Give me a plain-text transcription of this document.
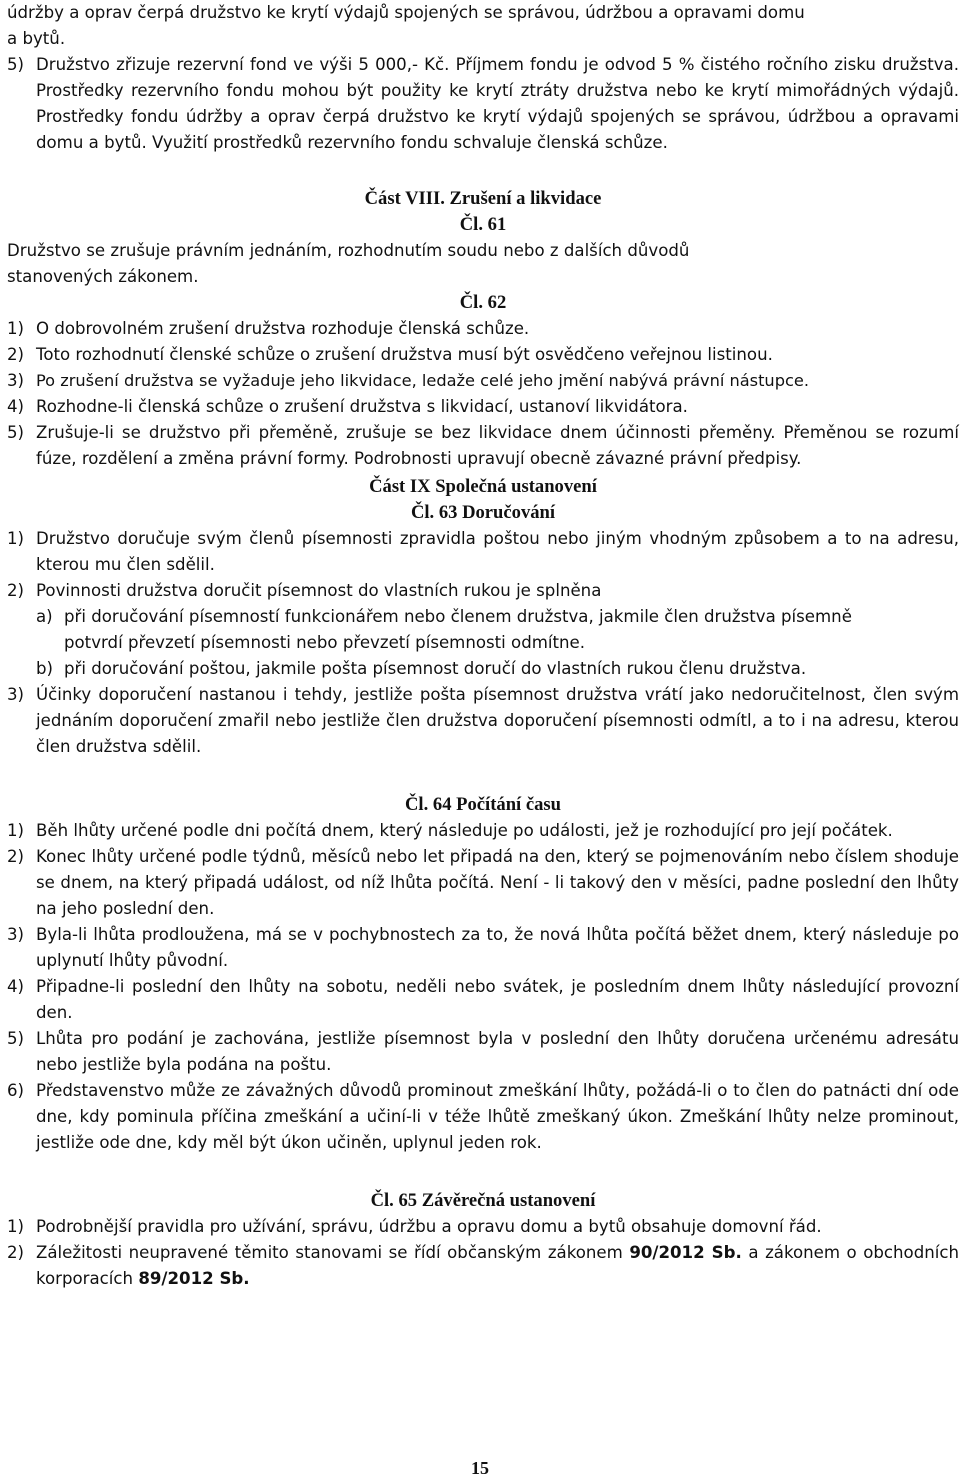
údržby a oprav čerpá družstvo ke krytí výdajů spojených se správou, údržbou a opravami domu
a bytů.
5) Družstvo zřizuje rezervní fond ve výši 5 000,- Kč. Příjmem fondu je odvod 5 % čistého ročního zisku družstva. Prostředky rezervního fondu mohou být použity ke krytí ztráty družstva nebo ke krytí mimořádných výdajů. Prostředky fondu údržby a oprav čerpá družstvo ke krytí výdajů spojených se správou, údržbou a opravami domu a bytů. Využití prostředků rezervního fondu schvaluje členská schůze.
Část VIII. Zrušení a likvidace
Čl. 61
Družstvo se zrušuje právním jednáním, rozhodnutím soudu nebo z dalších důvodů stanovených zákonem.
Čl. 62
1) O dobrovolném zrušení družstva rozhoduje členská schůze.
2) Toto rozhodnutí členské schůze o zrušení družstva musí být osvědčeno veřejnou listinou.
3) Po zrušení družstva se vyžaduje jeho likvidace, ledaže celé jeho jmění nabývá právní nástupce.
4) Rozhodne-li členská schůze o zrušení družstva s likvidací, ustanoví likvidátora.
5) Zrušuje-li se družstvo při přeměně, zrušuje se bez likvidace dnem účinnosti přeměny. Přeměnou se rozumí fúze, rozdělení a změna právní formy. Podrobnosti upravují obecně závazné právní předpisy.
Část IX Společná ustanovení
Čl. 63 Doručování
1) Družstvo doručuje svým členů písemnosti zpravidla poštou nebo jiným vhodným způsobem a to na adresu, kterou mu člen sdělil.
2) Povinnosti družstva doručit písemnost do vlastních rukou je splněna
a) při doručování písemností funkcionářem nebo členem družstva, jakmile člen družstva písemně potvrdí převzetí písemnosti nebo převzetí písemnosti odmítne.
b) při doručování poštou, jakmile pošta písemnost doručí do vlastních rukou členu družstva.
3) Účinky doporučení nastanou i tehdy, jestliže pošta písemnost družstva vrátí jako nedoručitelnost, člen svým jednáním doporučení zmařil nebo jestliže člen družstva doporučení písemnosti odmítl, a to i na adresu, kterou člen družstva sdělil.
Čl. 64 Počítání času
1) Běh lhůty určené podle dni počítá dnem, který následuje po události, jež je rozhodující pro její počátek.
2) Konec lhůty určené podle týdnů, měsíců nebo let připadá na den, který se pojmenováním nebo číslem shoduje se dnem, na který připadá událost, od níž lhůta počítá. Není - li takový den v měsíci, padne poslední den lhůty na jeho poslední den.
3) Byla-li lhůta prodloužena, má se v pochybnostech za to, že nová lhůta počítá běžet dnem, který následuje po uplynutí lhůty původní.
4) Připadne-li poslední den lhůty na sobotu, neděli nebo svátek, je posledním dnem lhůty následující provozní den.
5) Lhůta pro podání je zachována, jestliže písemnost byla v poslední den lhůty doručena určenému adresátu nebo jestliže byla podána na poštu.
6) Představenstvo může ze závažných důvodů prominout zmeškání lhůty, požádá-li o to člen do patnácti dní ode dne, kdy pominula příčina zmeškání a učiní-li v téže lhůtě zmeškaný úkon. Zmeškání lhůty nelze prominout, jestliže ode dne, kdy měl být úkon učiněn, uplynul jeden rok.
Čl. 65 Závěrečná ustanovení
1) Podrobnější pravidla pro užívání, správu, údržbu a opravu domu a bytů obsahuje domovní řád.
2) Záležitosti neupravené těmito stanovami se řídí občanským zákonem 90/2012 Sb. a zákonem o obchodních korporacích 89/2012 Sb.
15
